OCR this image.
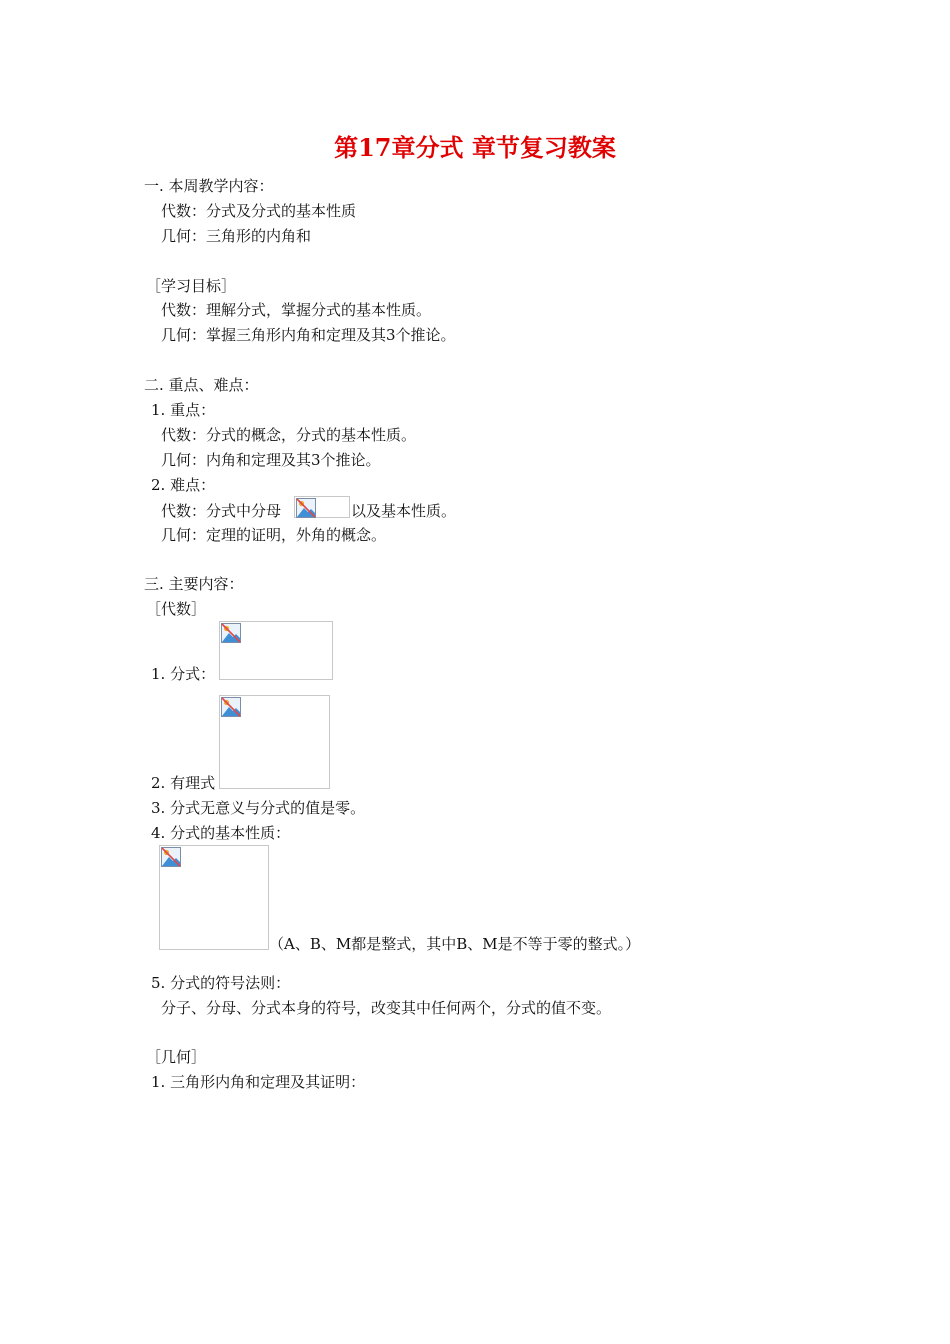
第17章分式 章节复习教案
一. 本周教学内容：
代数：分式及分式的基本性质
几何：三角形的内角和
［学习目标］
代数：理解分式，掌握分式的基本性质。
几何：掌握三角形内角和定理及其3个推论。
二. 重点、难点：
1. 重点：
代数：分式的概念，分式的基本性质。
几何：内角和定理及其3个推论。
2. 难点：
代数：分式中分母	以及基本性质。
几何：定理的证明，外角的概念。
三. 主要内容：
［代数］
1. 分式：
2. 有理式
3. 分式无意义与分式的值是零。
4. 分式的基本性质：
（A、B、M都是整式，其中B、M是不等于零的整式。）
5. 分式的符号法则：
分子、分母、分式本身的符号，改变其中任何两个，分式的值不变。
［几何］
1. 三角形内角和定理及其证明：
